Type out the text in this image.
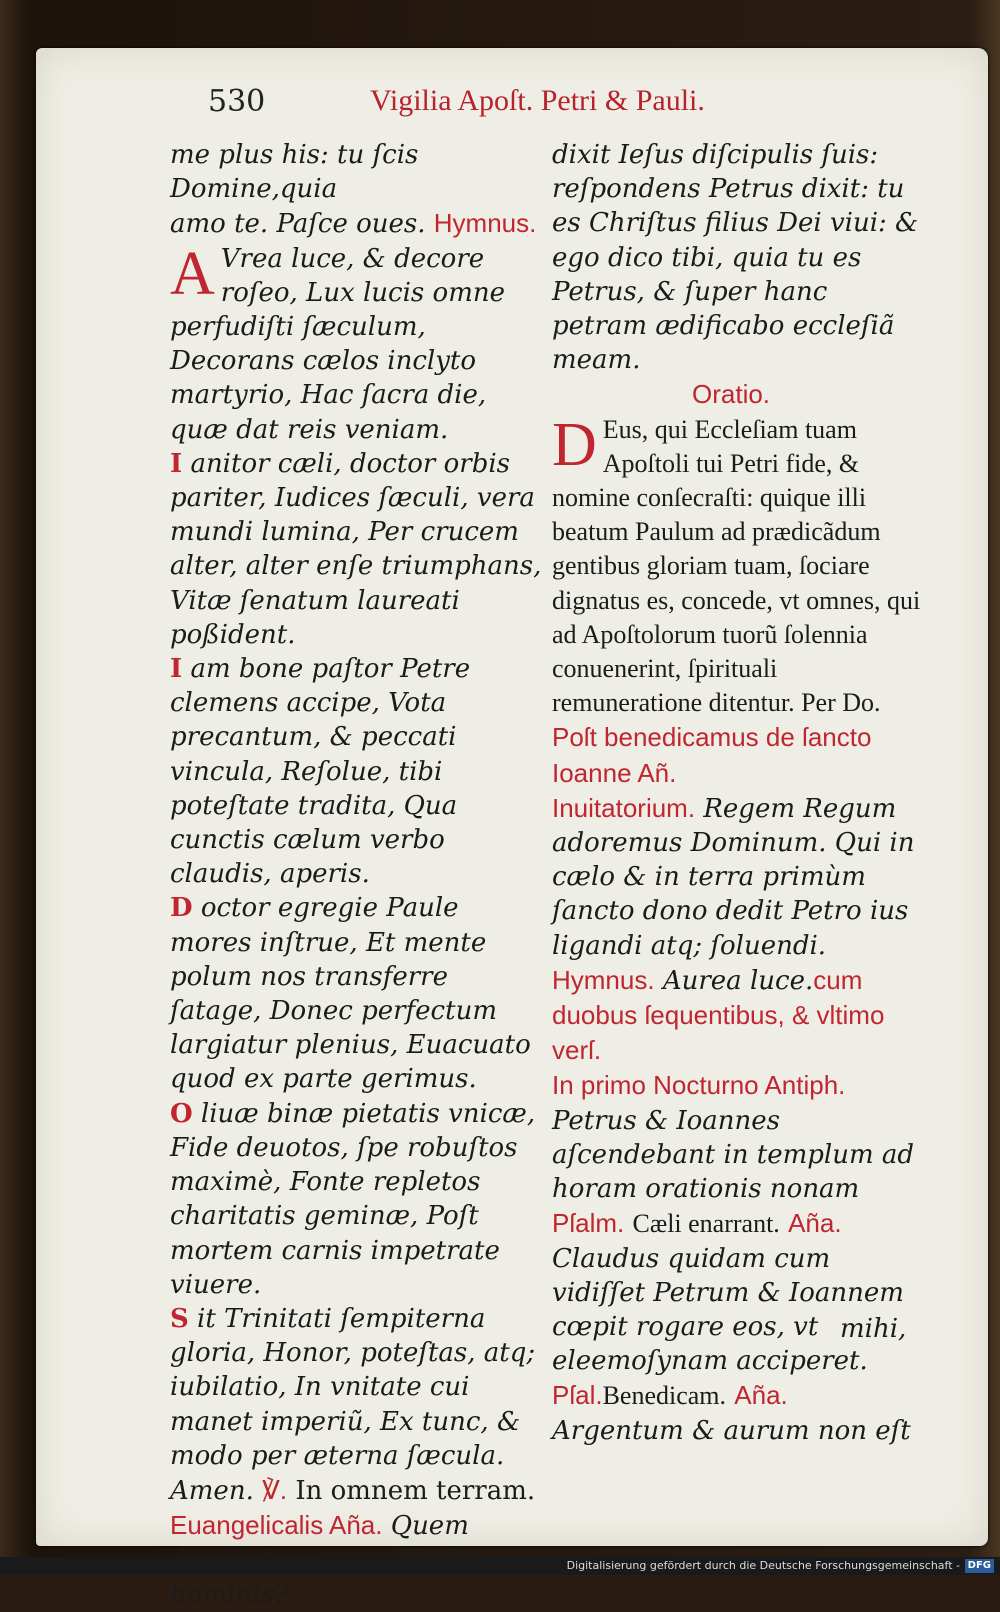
530	Vigilia Apoſt. Petri & Pauli.

me plus his: tu ſcis Domine,quia

amo te. Paſce oues. Hymnus.

A Vrea luce, & decore roſeo, Lux lucis omne perfudiſti ſæculum, Decorans cælos inclyto martyrio, Hac ſacra die, quæ dat reis veniam.

I anitor cæli, doctor orbis pariter, Iudices ſæculi, vera mundi lumina, Per crucem alter, alter enſe triumphans, Vitæ ſenatum laureati poßident.

I am bone paſtor Petre clemens accipe, Vota precantum, & peccati vincula, Reſolue, tibi poteſtate tradita, Qua cunctis cælum verbo claudis, aperis.

D octor egregie Paule mores inſtrue, Et mente polum nos transferre ſatage, Donec perfectum largiatur plenius, Euacuato quod ex parte gerimus.

O liuæ binæ pietatis vnicæ, Fide deuotos, ſpe robuſtos maximè, Fonte repletos charitatis geminæ, Poſt mortem carnis impetrate viuere.

S it Trinitati ſempiterna gloria, Honor, poteſtas, atq; iubilatio, In vnitate cui manet imperiũ, Ex tunc, & modo per æterna ſæcula. Amen. ℣. In omnem terram.

Euangelicalis Aña. Quem hominis?

dixit Ieſus diſcipulis ſuis: reſpondens Petrus dixit: tu es Chriſtus filius Dei viui: & ego dico tibi, quia tu es Petrus, & ſuper hanc petram ædificabo eccleſiã meam.

Oratio.

D Eus, qui Eccleſiam tuam Apoſtoli tui Petri fide, & nomine conſecraſti: quique illi beatum Paulum ad prædicãdum gentibus gloriam tuam, ſociare dignatus es, concede, vt omnes, qui ad Apoſtolorum tuorũ ſolennia conuenerint, ſpirituali remuneratione ditentur. Per Do.

Poſt benedicamus de ſancto Ioanne Añ.

Inuitatorium. Regem Regum adoremus Dominum. Qui in cælo & in terra primùm ſancto dono dedit Petro ius ligandi atq; ſoluendi. Hymnus. Aurea luce.cum duobus ſequentibus, & vltimo verſ.

In primo Nocturno Antiph.

Petrus & Ioannes aſcendebant in templum ad horam orationis nonam Pſalm. Cæli enarrant. Aña. Claudus quidam cum vidiſſet Petrum & Ioannem cœpit rogare eos, vt eleemoſynam acciperet. Pſal.Benedicam. Aña. Argentum & aurum non eſt

mihi,
Digitalisierung gefördert durch die Deutsche Forschungsgemeinschaft - DFG
